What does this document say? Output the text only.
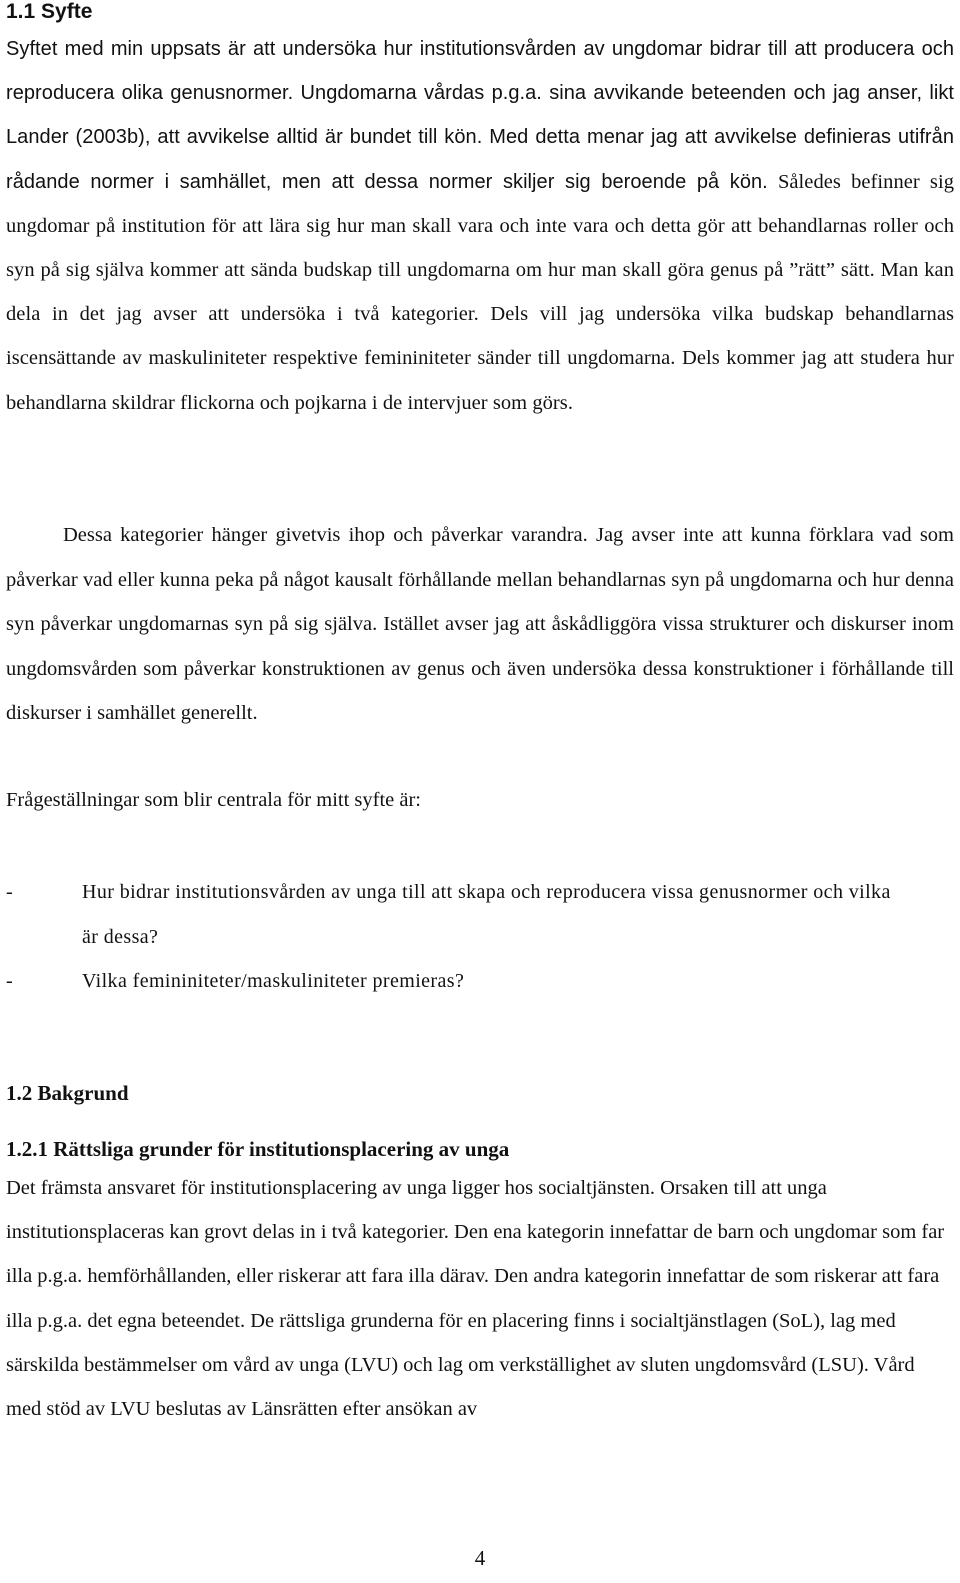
1.1 Syfte

Syftet med min uppsats är att undersöka hur institutionsvården av ungdomar bidrar till att producera och reproducera olika genusnormer. Ungdomarna vårdas p.g.a. sina avvikande beteenden och jag anser, likt Lander (2003b), att avvikelse alltid är bundet till kön. Med detta menar jag att avvikelse definieras utifrån rådande normer i samhället, men att dessa normer skiljer sig beroende på kön. Således befinner sig ungdomar på institution för att lära sig hur man skall vara och inte vara och detta gör att behandlarnas roller och syn på sig själva kommer att sända budskap till ungdomarna om hur man skall göra genus på ”rätt” sätt. Man kan dela in det jag avser att undersöka i två kategorier. Dels vill jag undersöka vilka budskap behandlarnas iscensättande av maskuliniteter respektive femininiteter sänder till ungdomarna. Dels kommer jag att studera hur behandlarna skildrar flickorna och pojkarna i de intervjuer som görs.

Dessa kategorier hänger givetvis ihop och påverkar varandra. Jag avser inte att kunna förklara vad som påverkar vad eller kunna peka på något kausalt förhållande mellan behandlarnas syn på ungdomarna och hur denna syn påverkar ungdomarnas syn på sig själva. Istället avser jag att åskådliggöra vissa strukturer och diskurser inom ungdomsvården som påverkar konstruktionen av genus och även undersöka dessa konstruktioner i förhållande till diskurser i samhället generellt.

Frågeställningar som blir centrala för mitt syfte är:

-	Hur bidrar institutionsvården av unga till att skapa och reproducera vissa genusnormer och vilka är dessa?
-	Vilka femininiteter/maskuliniteter premieras?
1.2 Bakgrund
1.2.1 Rättsliga grunder för institutionsplacering av unga

Det främsta ansvaret för institutionsplacering av unga ligger hos socialtjänsten. Orsaken till att unga institutionsplaceras kan grovt delas in i två kategorier. Den ena kategorin innefattar de barn och ungdomar som far illa p.g.a. hemförhållanden, eller riskerar att fara illa därav. Den andra kategorin innefattar de som riskerar att fara illa p.g.a. det egna beteendet. De rättsliga grunderna för en placering finns i socialtjänstlagen (SoL), lag med särskilda bestämmelser om vård av unga (LVU) och lag om verkställighet av sluten ungdomsvård (LSU). Vård med stöd av LVU beslutas av Länsrätten efter ansökan av

4
